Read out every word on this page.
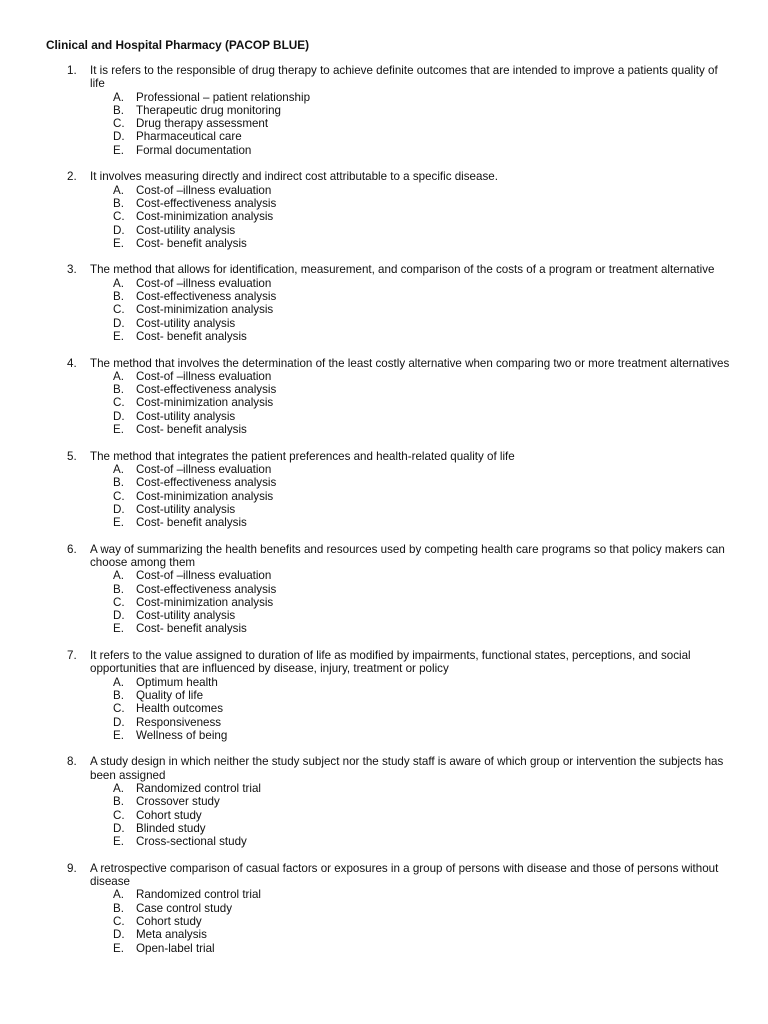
Clinical and Hospital Pharmacy (PACOP BLUE)
1.	It is refers to the responsible of drug therapy to achieve definite outcomes that are intended to improve a patients quality of life
A. Professional – patient relationship
B. Therapeutic drug monitoring
C. Drug therapy assessment
D. Pharmaceutical care
E. Formal documentation
2.	It involves measuring directly and indirect cost attributable to a specific disease.
A. Cost-of –illness evaluation
B. Cost-effectiveness analysis
C. Cost-minimization analysis
D. Cost-utility analysis
E. Cost- benefit analysis
3.	The method that allows for identification, measurement, and comparison of the costs of a program or treatment alternative
A. Cost-of –illness evaluation
B. Cost-effectiveness analysis
C. Cost-minimization analysis
D. Cost-utility analysis
E. Cost- benefit analysis
4.	The method that involves the determination of the least costly alternative when comparing two or more treatment alternatives
A. Cost-of –illness evaluation
B. Cost-effectiveness analysis
C. Cost-minimization analysis
D. Cost-utility analysis
E. Cost- benefit analysis
5.	The method that integrates the patient preferences and health-related quality of life
A. Cost-of –illness evaluation
B. Cost-effectiveness analysis
C. Cost-minimization analysis
D. Cost-utility analysis
E. Cost- benefit analysis
6.	A way of summarizing the health benefits and resources used by competing health care programs so that policy makers can choose among them
A. Cost-of –illness evaluation
B. Cost-effectiveness analysis
C. Cost-minimization analysis
D. Cost-utility analysis
E. Cost- benefit analysis
7.	It refers to the value assigned to duration of life as modified by impairments, functional states, perceptions, and social opportunities that are influenced by disease, injury, treatment or policy
A. Optimum health
B. Quality of life
C. Health outcomes
D. Responsiveness
E. Wellness of being
8.	A study design in which neither the study subject nor the study staff is aware of which group or intervention the subjects has been assigned
A. Randomized control trial
B. Crossover study
C. Cohort study
D. Blinded study
E. Cross-sectional study
9.	A retrospective comparison of casual factors or exposures in a group of persons with disease and those of persons without disease
A. Randomized control trial
B. Case control study
C. Cohort study
D. Meta analysis
E. Open-label trial
